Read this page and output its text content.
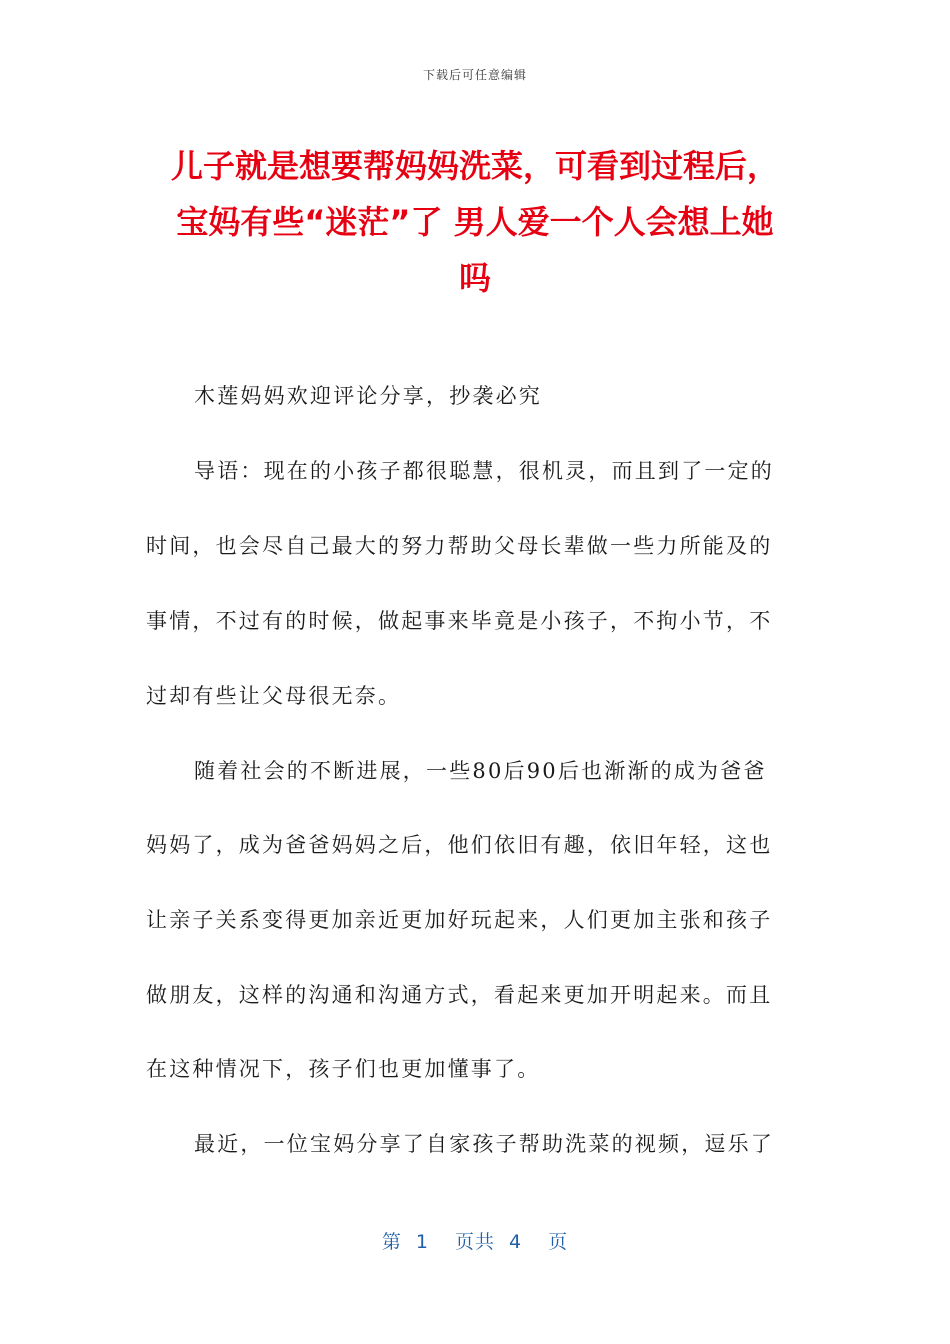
下载后可任意编辑
儿子就是想要帮妈妈洗菜，可看到过程后，
宝妈有些“迷茫”了 男人爱一个人会想上她
吗
木莲妈妈欢迎评论分享，抄袭必究
导语：现在的小孩子都很聪慧，很机灵，而且到了一定的
时间，也会尽自己最大的努力帮助父母长辈做一些力所能及的
事情，不过有的时候，做起事来毕竟是小孩子，不拘小节，不
过却有些让父母很无奈。
随着社会的不断进展，一些80后90后也渐渐的成为爸爸
妈妈了，成为爸爸妈妈之后，他们依旧有趣，依旧年轻，这也
让亲子关系变得更加亲近更加好玩起来，人们更加主张和孩子
做朋友，这样的沟通和沟通方式，看起来更加开明起来。而且
在这种情况下，孩子们也更加懂事了。
最近，一位宝妈分享了自家孩子帮助洗菜的视频，逗乐了
第 1 页共 4 页
